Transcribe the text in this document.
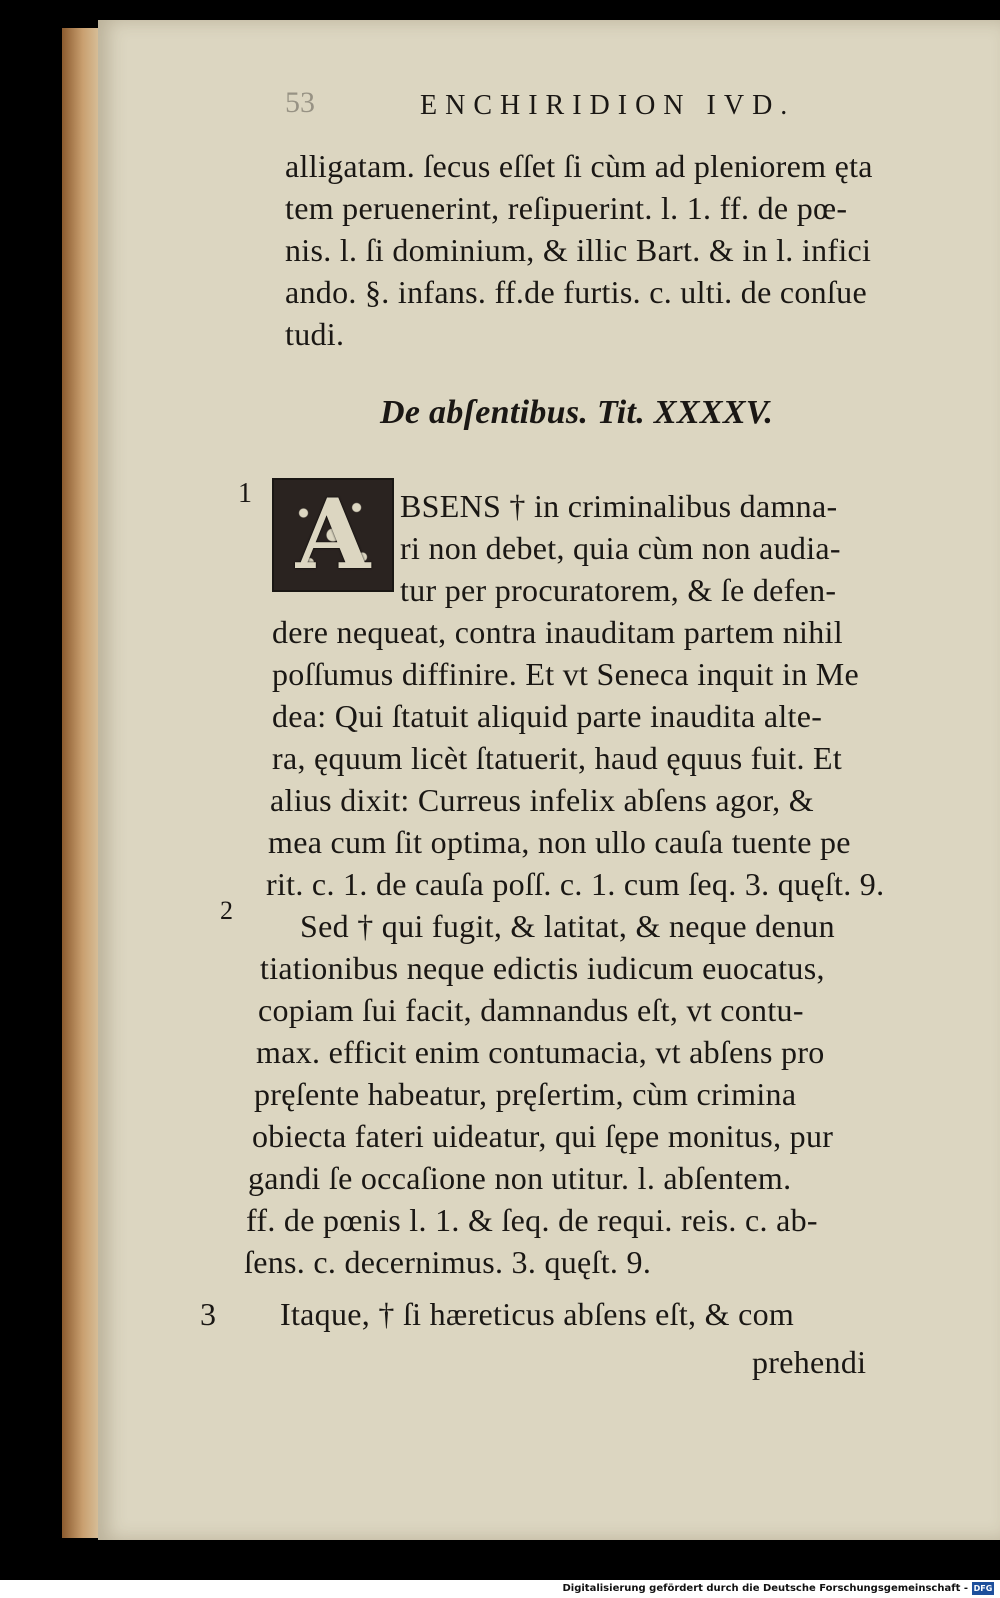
53	ENCHIRIDION IVD.
alligatam. ſecus eſſet ſi cùm ad pleniorem ęta
tem peruenerint, reſipuerint. l. 1. ff. de pœ-
nis. l. ſi dominium, & illic Bart. & in l. infici
ando. §. infans. ff.de furtis. c. ulti. de conſue
tudi.
De abſentibus. Tit. XXXXV.
1
2
3
A BSENS † in criminalibus damna-
ri non debet, quia cùm non audia-
tur per procuratorem, & ſe defen-
dere nequeat, contra inauditam partem nihil
poſſumus diffinire. Et vt Seneca inquit in Me
dea: Qui ſtatuit aliquid parte inaudita alte-
ra, ęquum licèt ſtatuerit, haud ęquus fuit. Et
alius dixit: Curreus infelix abſens agor, &
mea cum ſit optima, non ullo cauſa tuente pe
rit. c. 1. de cauſa poſſ. c. 1. cum ſeq. 3. quęſt. 9.
Sed † qui fugit, & latitat, & neque denun
tiationibus neque edictis iudicum euocatus,
copiam ſui facit, damnandus eſt, vt contu-
max. efficit enim contumacia, vt abſens pro
pręſente habeatur, pręſertim, cùm crimina
obiecta fateri uideatur, qui ſępe monitus, pur
gandi ſe occaſione non utitur. l. abſentem.
ff. de pœnis l. 1. & ſeq. de requi. reis. c. ab-
ſens. c. decernimus. 3. quęſt. 9.
Itaque, † ſi hæreticus abſens eſt, & com
prehendi
Digitalisierung gefördert durch die Deutsche Forschungsgemeinschaft - DFG
